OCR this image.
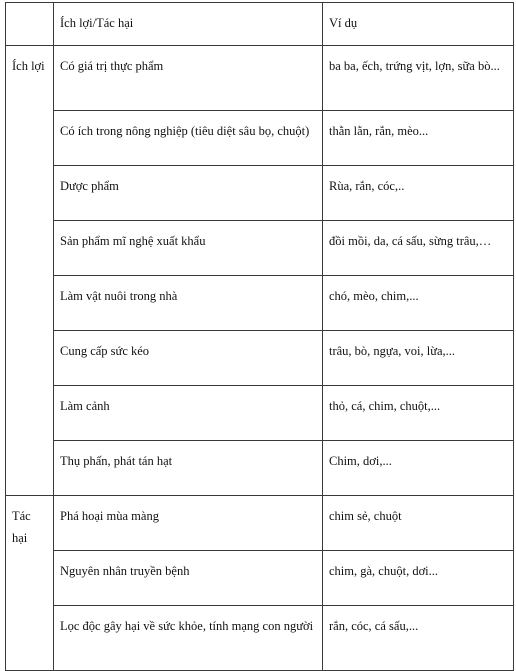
	Ích lợi/Tác hại	Ví dụ
Ích lợi	Có giá trị thực phẩm	ba ba, ếch, trứng vịt, lợn, sữa bò...
	Có ích trong nông nghiệp (tiêu diệt sâu bọ, chuột)	thằn lằn, rắn, mèo...
	Dược phẩm	Rùa, rắn, cóc,..
	Sản phẩm mĩ nghệ xuất khẩu	đồi mồi, da, cá sấu, sừng trâu,…
	Làm vật nuôi trong nhà	chó, mèo, chim,...
	Cung cấp sức kéo	trâu, bò, ngựa, voi, lừa,...
	Làm cảnh	thỏ, cá, chim, chuột,...
	Thụ phấn, phát tán hạt	Chim, dơi,...
Tác hại	Phá hoại mùa màng	chim sẻ, chuột
	Nguyên nhân truyền bệnh	chim, gà, chuột, dơi...
	Lọc độc gây hại về sức khỏe, tính mạng con người	rắn, cóc, cá sấu,...
